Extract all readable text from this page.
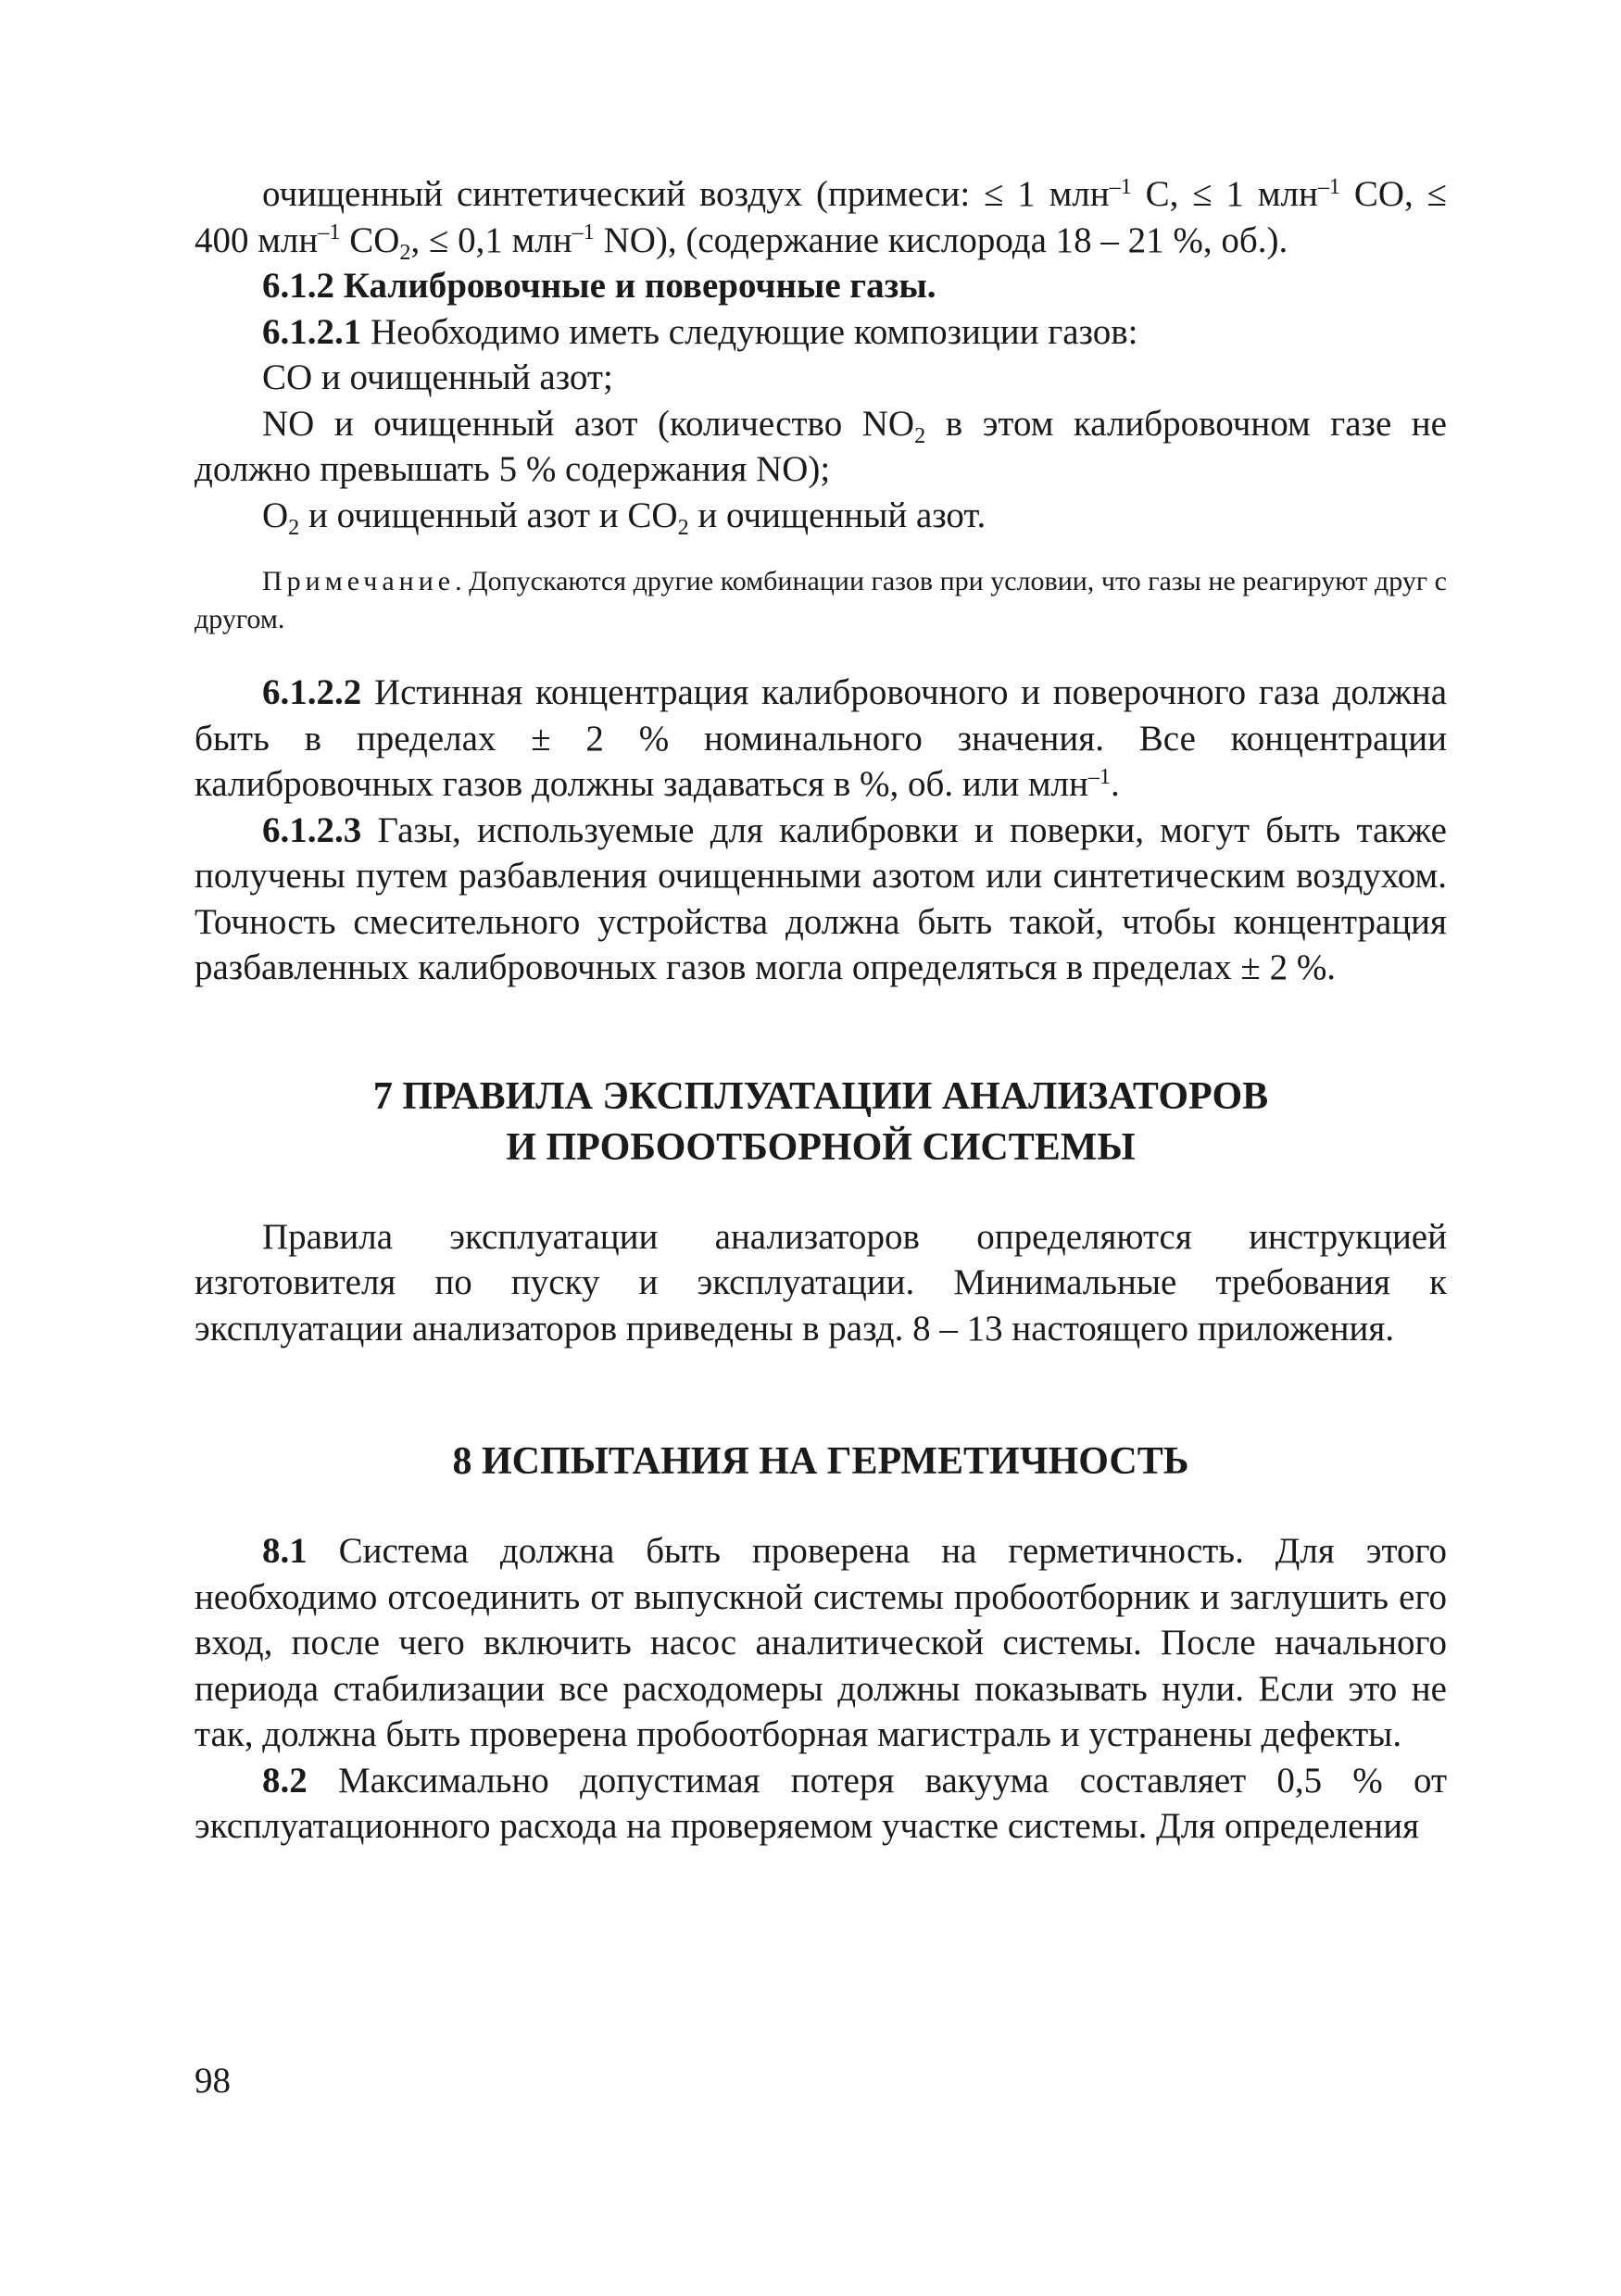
очищенный синтетический воздух (примеси: ≤ 1 млн$^{-1}$ С, ≤ 1 млн$^{-1}$ СО, ≤ 400 млн$^{-1}$ $СО_2$, ≤ 0,1 млн$^{-1}$ NO), (содержание кислорода 18 – 21 %, об.).

6.1.2 Калибровочные и поверочные газы.

6.1.2.1 Необходимо иметь следующие композиции газов:

СО и очищенный азот;

NO и очищенный азот (количество $NO_2$ в этом калибровочном газе не должно превышать 5 % содержания NO);

$O_2$ и очищенный азот и $СО_2$ и очищенный азот.

Примечание. Допускаются другие комбинации газов при условии, что газы не реагируют друг с другом.

6.1.2.2 Истинная концентрация калибровочного и поверочного газа должна быть в пределах ± 2 % номинального значения. Все концентрации калибровочных газов должны задаваться в %, об. или млн$^{-1}$.

6.1.2.3 Газы, используемые для калибровки и поверки, могут быть также получены путем разбавления очищенными азотом или синтетическим воздухом. Точность смесительного устройства должна быть такой, чтобы концентрация разбавленных калибровочных газов могла определяться в пределах ± 2 %.

7 ПРАВИЛА ЭКСПЛУАТАЦИИ АНАЛИЗАТОРОВ
И ПРОБООТБОРНОЙ СИСТЕМЫ

Правила эксплуатации анализаторов определяются инструкцией изготовителя по пуску и эксплуатации. Минимальные требования к эксплуатации анализаторов приведены в разд. 8 – 13 настоящего приложения.

8 ИСПЫТАНИЯ НА ГЕРМЕТИЧНОСТЬ

8.1 Система должна быть проверена на герметичность. Для этого необходимо отсоединить от выпускной системы пробоотборник и заглушить его вход, после чего включить насос аналитической системы. После начального периода стабилизации все расходомеры должны показывать нули. Если это не так, должна быть проверена пробоотборная магистраль и устранены дефекты.

8.2 Максимально допустимая потеря вакуума составляет 0,5 % от эксплуатационного расхода на проверяемом участке системы. Для определения

98
